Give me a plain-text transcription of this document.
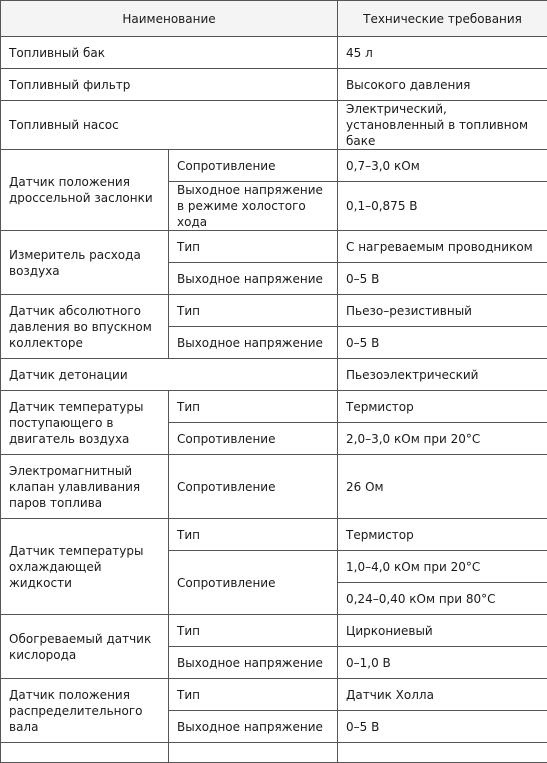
Наименование		Технические требования
Топливный бак		45 л
Топливный фильтр		Высокого давления
Топливный насос		Электрический, установленный в топливном баке
Датчик положения дроссельной заслонки	Сопротивление	0,7–3,0 кОм
	Выходное напряжение в режиме холостого хода	0,1–0,875 В
Измеритель расхода воздуха	Тип	С нагреваемым проводником
	Выходное напряжение	0–5 В
Датчик абсолютного давления во впускном коллекторе	Тип	Пьезо–резистивный
	Выходное напряжение	0–5 В
Датчик детонации		Пьезоэлектрический
Датчик температуры поступающего в двигатель воздуха	Тип	Термистор
	Сопротивление	2,0–3,0 кОм при 20°C
Электромагнитный клапан улавливания паров топлива	Сопротивление	26 Ом
Датчик температуры охлаждающей жидкости	Тип	Термистор
	Сопротивление	1,0–4,0 кОм при 20°C
		0,24–0,40 кОм при 80°C
Обогреваемый датчик кислорода	Тип	Циркониевый
	Выходное напряжение	0–1,0 В
Датчик положения распределительного вала	Тип	Датчик Холла
	Выходное напряжение	0–5 В
